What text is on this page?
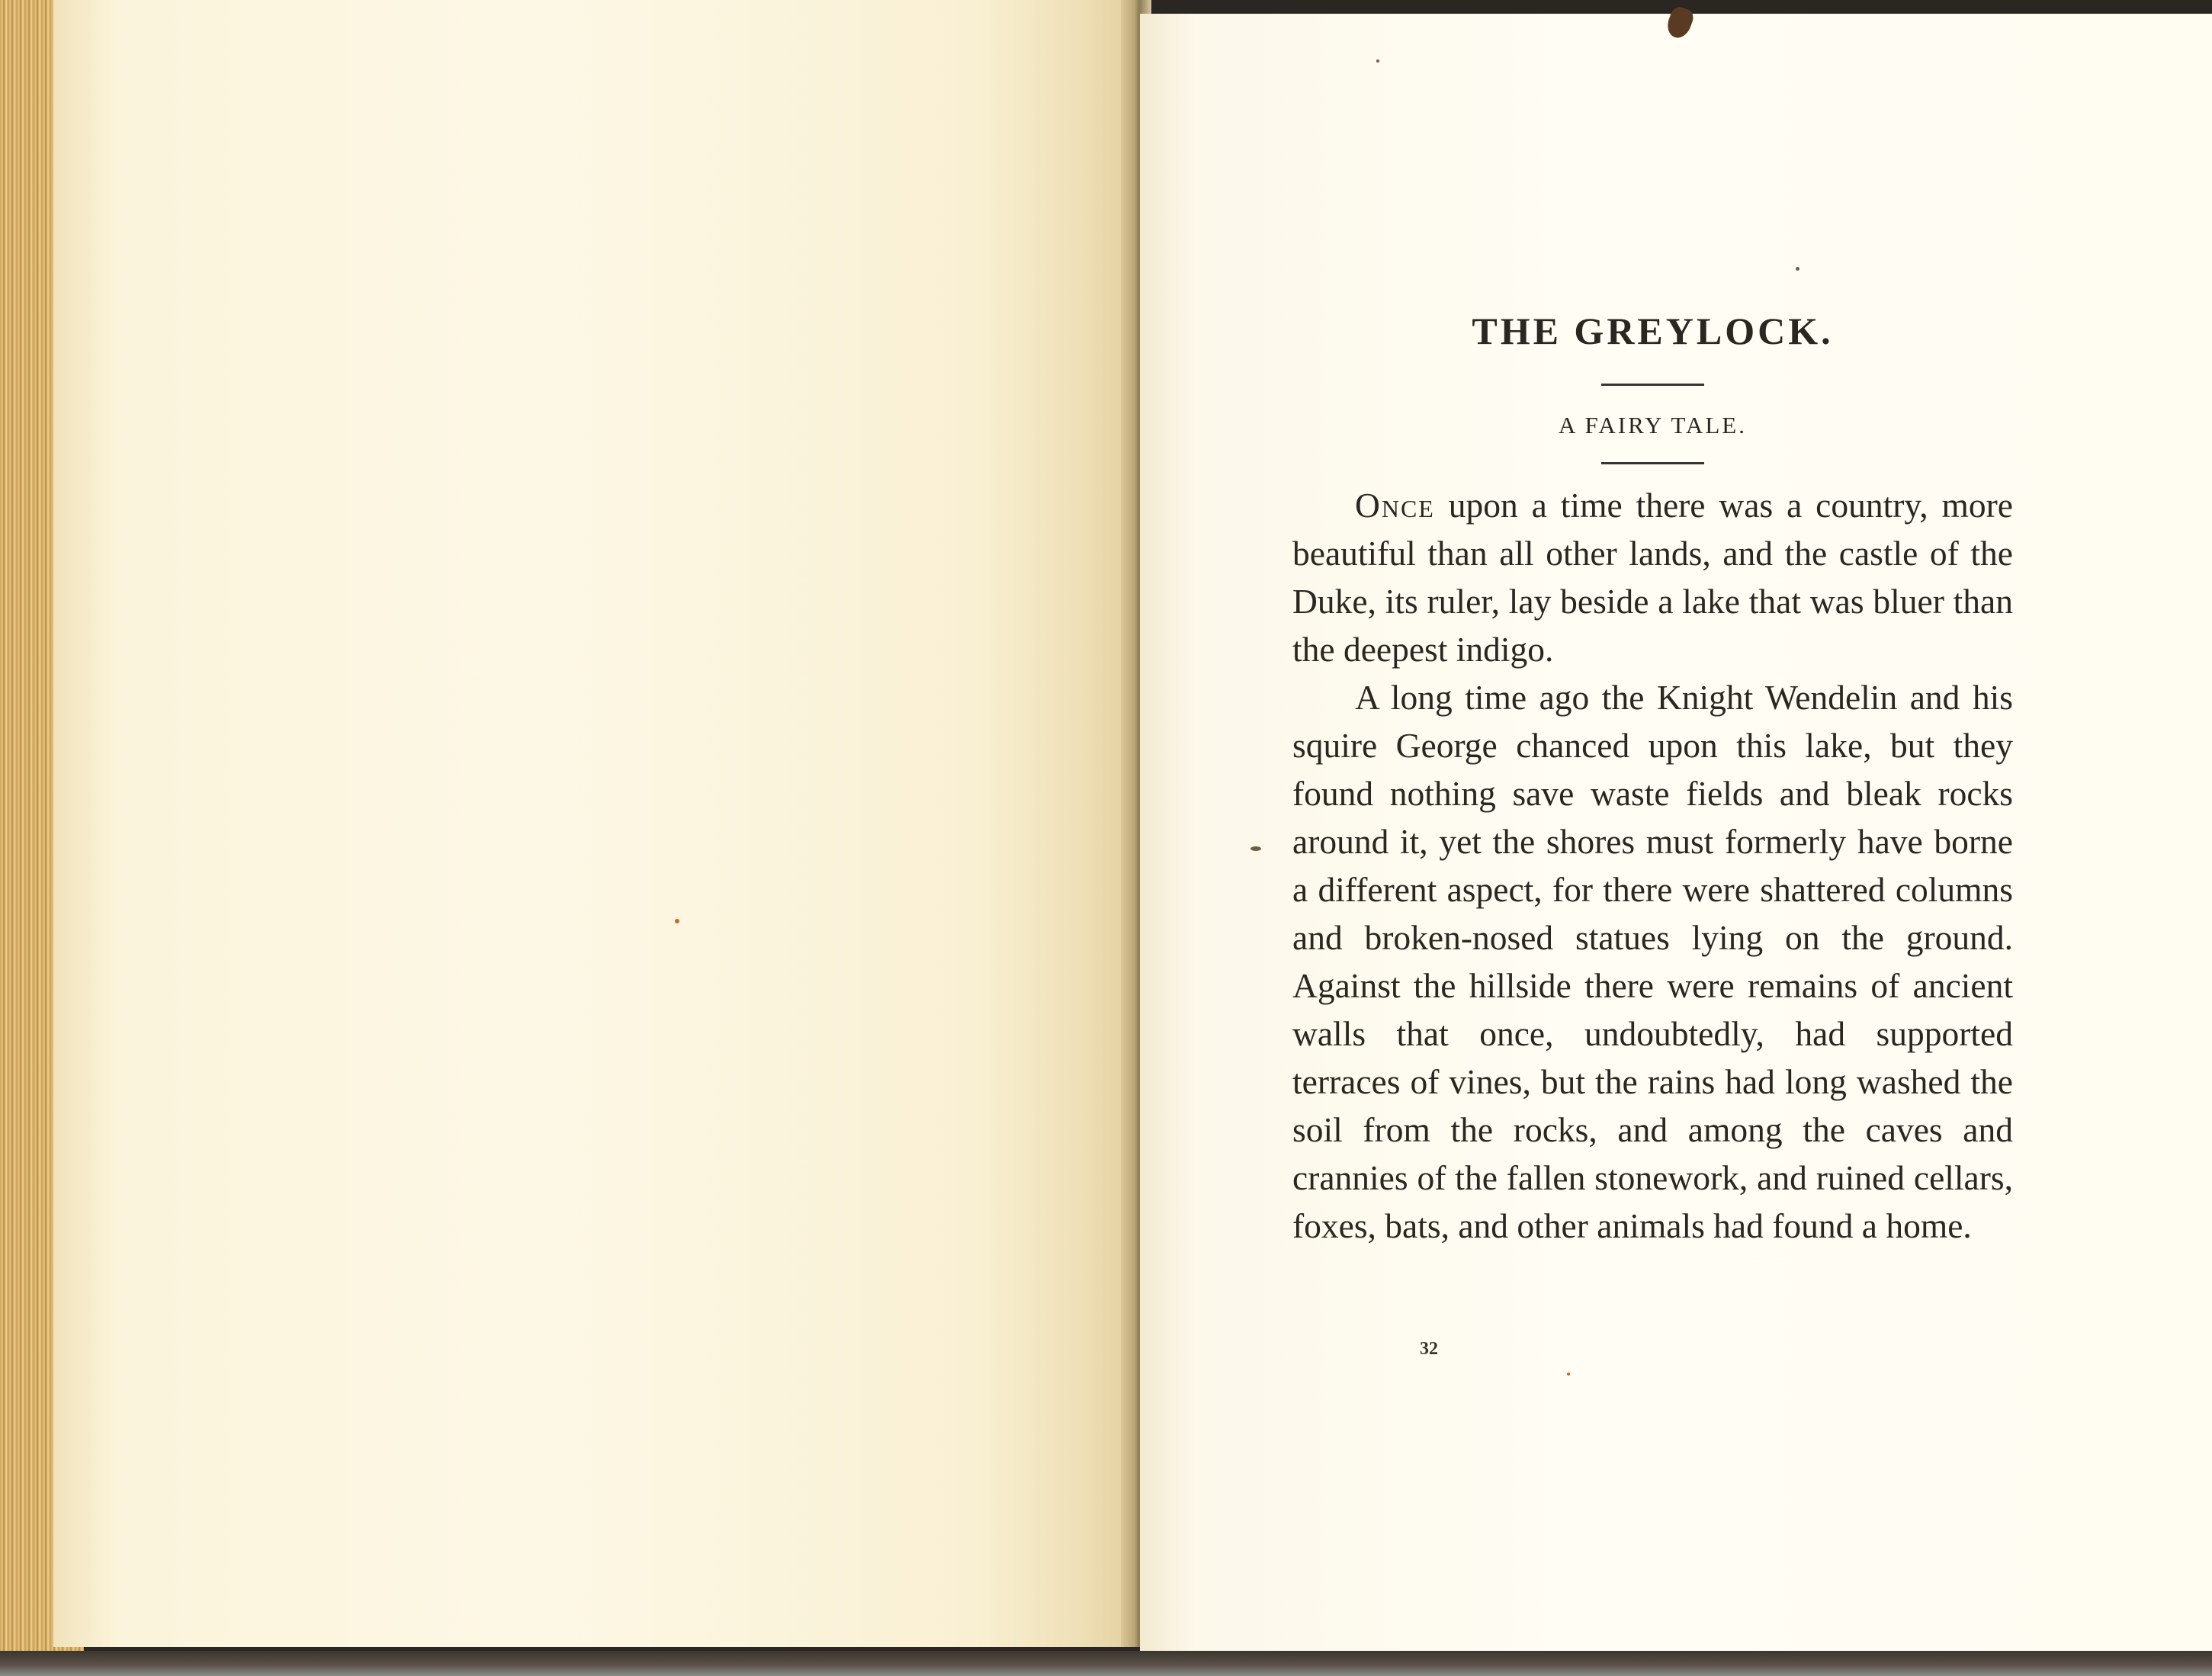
THE GREYLOCK.
A FAIRY TALE.

Once upon a time there was a country, more beautiful than all other lands, and the castle of the Duke, its ruler, lay beside a lake that was bluer than the deepest indigo.

A long time ago the Knight Wendelin and his squire George chanced upon this lake, but they found nothing save waste fields and bleak rocks around it, yet the shores must formerly have borne a different aspect, for there were shattered columns and broken-nosed statues lying on the ground. Against the hillside there were remains of ancient walls that once, undoubtedly, had supported terraces of vines, but the rains had long washed the soil from the rocks, and among the caves and crannies of the fallen stonework, and ruined cellars, foxes, bats, and other animals had found a home.

32
